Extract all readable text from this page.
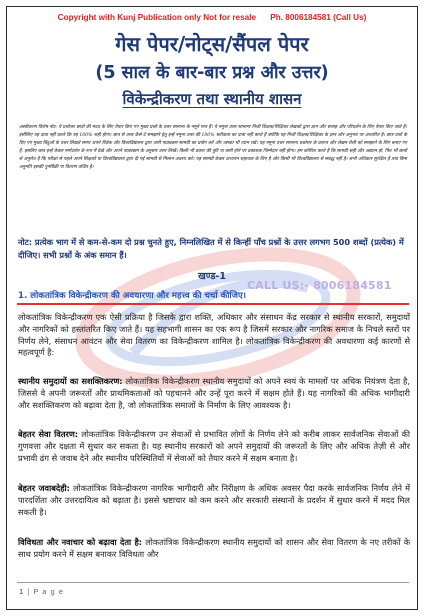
CALL US:- 8006184581
Copyright with Kunj Publication only Not for resale Ph. 8006184581 (Call Us)
गेस पेपर/नोट्स/सैंपल पेपर
(5 साल के बार-बार प्रश्न और उत्तर)
विकेन्द्रीकरण तथा स्थानीय शासन
अस्वीकरण विशेष नोट: ये प्रश्नोत्तर छात्रों की मदद के लिए तैयार किए गए मुख्य प्रश्नों के उत्तर सामान्य के नमूने मात्र हैं। ये नमूना उत्तर सामान्य निजी शिक्षक/शिक्षिका लेखकों द्वारा ज्ञान और सलाह और परिदर्शन के लिए तैयार किए जाते हैं। इसीलिए यह दावा नहीं करते कि यह 100% सही होगा। छात्र से उत्तर कैसे दें समझाने हेतु इन्हें नमूना उत्तर की 100% सटीकता का दावा नहीं करते हैं क्योंकि यह निजी शिक्षक/शिक्षिका के ज्ञान और अनुभव पर आधारित है। छात्र प्रश्नों के दिए गए मुख्य बिंदुओं के उत्तर लिखते समय अपने विवेक और विश्वविद्यालय द्वारा जारी पाठ्यक्रम सामग्री का प्रयोग करें और उसका भी ध्यान रखें। यह नमूना उत्तर सामान्य प्रश्नोत्तर के प्रारूप और लेखन शैली को समझाने के लिए बनाए गए हैं, इसलिए छात्र इन्हें केवल मार्गदर्शन के रूप में देखें और अपने पाठ्यक्रम के अनुसार उत्तर लिखें। किसी भी प्रकार की त्रुटि या कमी होने पर प्रकाशक जिम्मेदार नहीं होगा। हम कोशिश करते हैं कि सामग्री सही और अद्यतन हो, फिर भी छात्रों से अनुरोध है कि परीक्षा से पहले अपने शिक्षकों या विश्वविद्यालय द्वारा दी गई सामग्री से मिलान अवश्य करें। यह सामग्री केवल अध्ययन सहायता के लिए है और किसी भी विश्वविद्यालय से संबद्ध नहीं है। सभी अधिकार सुरक्षित हैं तथा बिना अनुमति इसकी पुनर्बिक्री या वितरण वर्जित है।
नोट: प्रत्येक भाग में से कम-से-कम दो प्रश्न चुनते हुए, निम्नलिखित में से किन्हीं पाँच प्रश्नों के उत्तर लगभग 500 शब्दों (प्रत्येक) में दीजिए। सभी प्रश्नों के अंक समान हैं।
खण्ड-1
1. लोकतांत्रिक विकेन्द्रीकरण की अवधारणा और महत्त्व की चर्चा कीजिए।
लोकतांत्रिक विकेन्द्रीकरण एक ऐसी प्रक्रिया है जिसके द्वारा शक्ति, अधिकार और संसाधन केंद्र सरकार से स्थानीय सरकारों, समुदायों और नागरिकों को हस्तांतरित किए जाते हैं। यह सहभागी शासन का एक रूप है जिसमें सरकार और नागरिक समाज के निचले स्तरों पर निर्णय लेने, संसाधन आवंटन और सेवा वितरण का विकेन्द्रीकरण शामिल है। लोकतांत्रिक विकेन्द्रीकरण की अवधारणा कई कारणों से महत्वपूर्ण है:
स्थानीय समुदायों का सशक्तिकरण: लोकतांत्रिक विकेन्द्रीकरण स्थानीय समुदायों को अपने स्वयं के मामलों पर अधिक नियंत्रण देता है, जिससे वे अपनी जरूरतों और प्राथमिकताओं को पहचानने और उन्हें पूरा करने में सक्षम होते हैं। यह नागरिकों की अधिक भागीदारी और सशक्तिकरण को बढ़ावा देता है, जो लोकतांत्रिक समाजों के निर्माण के लिए आवश्यक है।
बेहतर सेवा वितरण: लोकतांत्रिक विकेन्द्रीकरण उन सेवाओं से प्रभावित लोगों के निर्णय लेने को करीब लाकर सार्वजनिक सेवाओं की गुणवत्ता और दक्षता में सुधार कर सकता है। यह स्थानीय सरकारों को अपने समुदायों की जरूरतों के लिए और अधिक तेज़ी से और प्रभावी ढंग से जवाब देने और स्थानीय परिस्थितियों में सेवाओं को तैयार करने में सक्षम बनाता है।
बेहतर जवाबदेही: लोकतांत्रिक विकेन्द्रीकरण नागरिक भागीदारी और निरीक्षण के अधिक अवसर पैदा करके सार्वजनिक निर्णय लेने में पारदर्शिता और उत्तरदायित्व को बढ़ाता है। इससे भ्रष्टाचार को कम करने और सरकारी संस्थानों के प्रदर्शन में सुधार करने में मदद मिल सकती है।
विविधता और नवाचार को बढ़ावा देता है: लोकतांत्रिक विकेन्द्रीकरण स्थानीय समुदायों को शासन और सेवा वितरण के नए तरीकों के साथ प्रयोग करने में सक्षम बनाकर विविधता और
1 | P a g e
